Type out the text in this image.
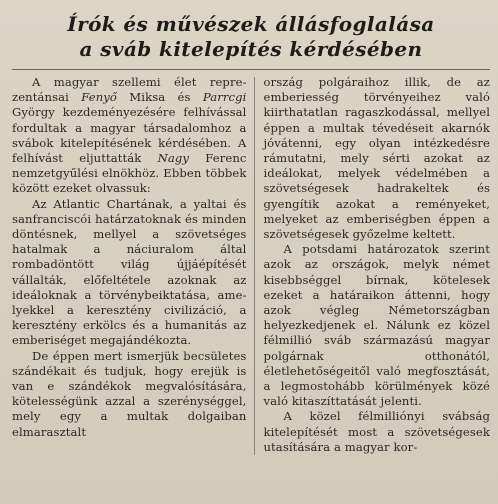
Írók és művészek állásfoglalása
a sváb kitelepítés kérdésében

A magyar szellemi élet reprezentánsai Fenyő Miksa és Parrcgi György kezdeményezésére felhívással fordultak a magyar társadalomhoz a svábok kitelepítésének kérdésében. A felhívást eljuttatták Nagy Ferenc nemzetgyűlési elnökhöz. Ebben többek között ezeket olvassuk:

Az Atlantic Chartának, a yaltai és sanfranciscói határzatoknak és minden döntésnek, mellyel a szövetséges hatalmak a náciuralom által rombadöntött világ újjáépítését vállalták, előfeltétele azoknak az ideáloknak a törvénybeiktatása, amelyekkel a keresztény civilizáció, a keresztény erkölcs és a humanitás az emberiséget megajándékozta.

De éppen mert ismerjük becsületes szándékait és tudjuk, hogy erejük is van e szándékok megvalósítására, kötelességünk azzal a szerénységgel, mely egy a multak dolgaiban elmarasztalt

ország polgáraihoz illik, de az emberiesség törvényeihez való kiirthatatlan ragaszkodással, mellyel éppen a multak tévedéseit akarnók jóvátenni, egy olyan intézkedésre rámutatni, mely sérti azokat az ideálokat, melyek védelmében a szövetségesek hadrakeltek és gyengítik azokat a reményeket, melyeket az emberiségben éppen a szövetségesek győzelme keltett.

A potsdami határozatok szerint azok az országok, melyk német kisebbséggel bírnak, kötelesek ezeket a határaikon áttenni, hogy azok végleg Németországban helyezkedjenek el. Nálunk ez közel félmillió sváb származású magyar polgárnak otthonától, életlehetőségeitől való megfosztását, a legmostohább körülmények közé való kitaszíttatását jelenti.

A közel félmilliónyi svábság kitelepítését most a szövetségesek utasítására a magyar kor-
